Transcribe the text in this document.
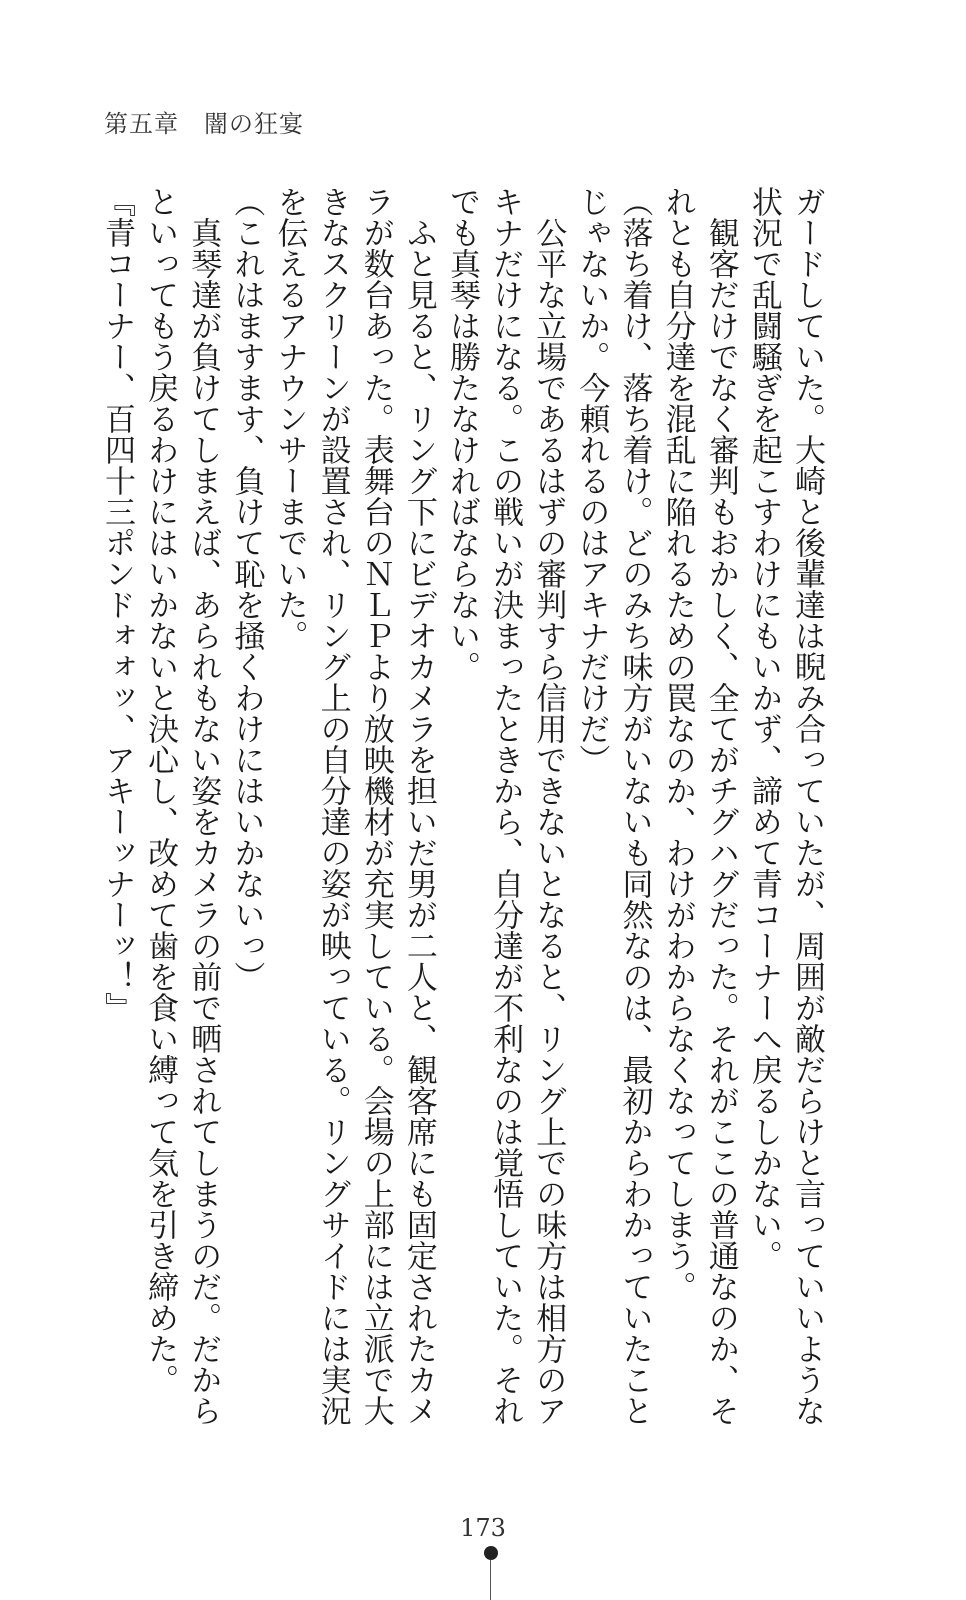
第五章　闇の狂宴
ガードしていた。大崎と後輩達は睨み合っていたが、周囲が敵だらけと言っていいような
状況で乱闘騒ぎを起こすわけにもいかず、諦めて青コーナーへ戻るしかない。
　観客だけでなく審判もおかしく、全てがチグハグだった。それがここの普通なのか、そ
れとも自分達を混乱に陥れるための罠なのか、わけがわからなくなってしまう。
（落ち着け、落ち着け。どのみち味方がいないも同然なのは、最初からわかっていたこと
じゃないか。今頼れるのはアキナだけだ）
　公平な立場であるはずの審判すら信用できないとなると、リング上での味方は相方のア
キナだけになる。この戦いが決まったときから、自分達が不利なのは覚悟していた。それ
でも真琴は勝たなければならない。
　ふと見ると、リング下にビデオカメラを担いだ男が二人と、観客席にも固定されたカメ
ラが数台あった。表舞台のＮＬＰより放映機材が充実している。会場の上部には立派で大
きなスクリーンが設置され、リング上の自分達の姿が映っている。リングサイドには実況
を伝えるアナウンサーまでいた。
（これはますます、負けて恥を掻くわけにはいかないっ）
　真琴達が負けてしまえば、あられもない姿をカメラの前で晒されてしまうのだ。だから
といってもう戻るわけにはいかないと決心し、改めて歯を食い縛って気を引き締めた。
『青コーナー、百四十三ポンドォォッ、アキーッナーッ！』
173
